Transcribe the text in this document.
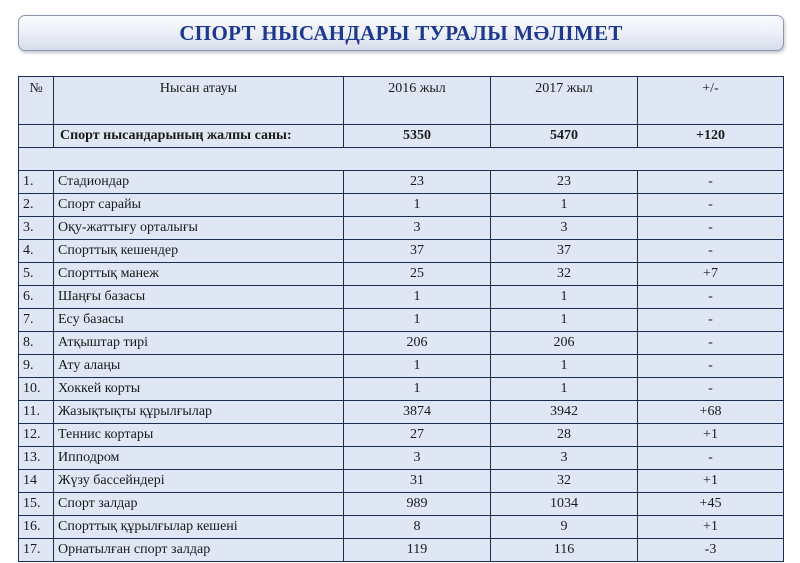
СПОРТ НЫСАНДАРЫ ТУРАЛЫ МӘЛІМЕТ
№	Нысан атауы	2016 жыл	2017 жыл	+/-
	Спорт нысандарының жалпы саны:	5350	5470	+120

1.	Стадиондар	23	23	-
2.	Спорт сарайы	1	1	-
3.	Оқу-жаттығу орталығы	3	3	-
4.	Спорттық кешендер	37	37	-
5.	Спорттық манеж	25	32	+7
6.	Шаңғы базасы	1	1	-
7.	Есу базасы	1	1	-
8.	Атқыштар тирі	206	206	-
9.	Ату алаңы	1	1	-
10.	Хоккей корты	1	1	-
11.	Жазықтықты құрылғылар	3874	3942	+68
12.	Теннис кортары	27	28	+1
13.	Ипподром	3	3	-
14	Жүзу бассейндері	31	32	+1
15.	Спорт залдар	989	1034	+45
16.	Спорттық құрылғылар кешені	8	9	+1
17.	Орнатылған спорт залдар	119	116	-3
